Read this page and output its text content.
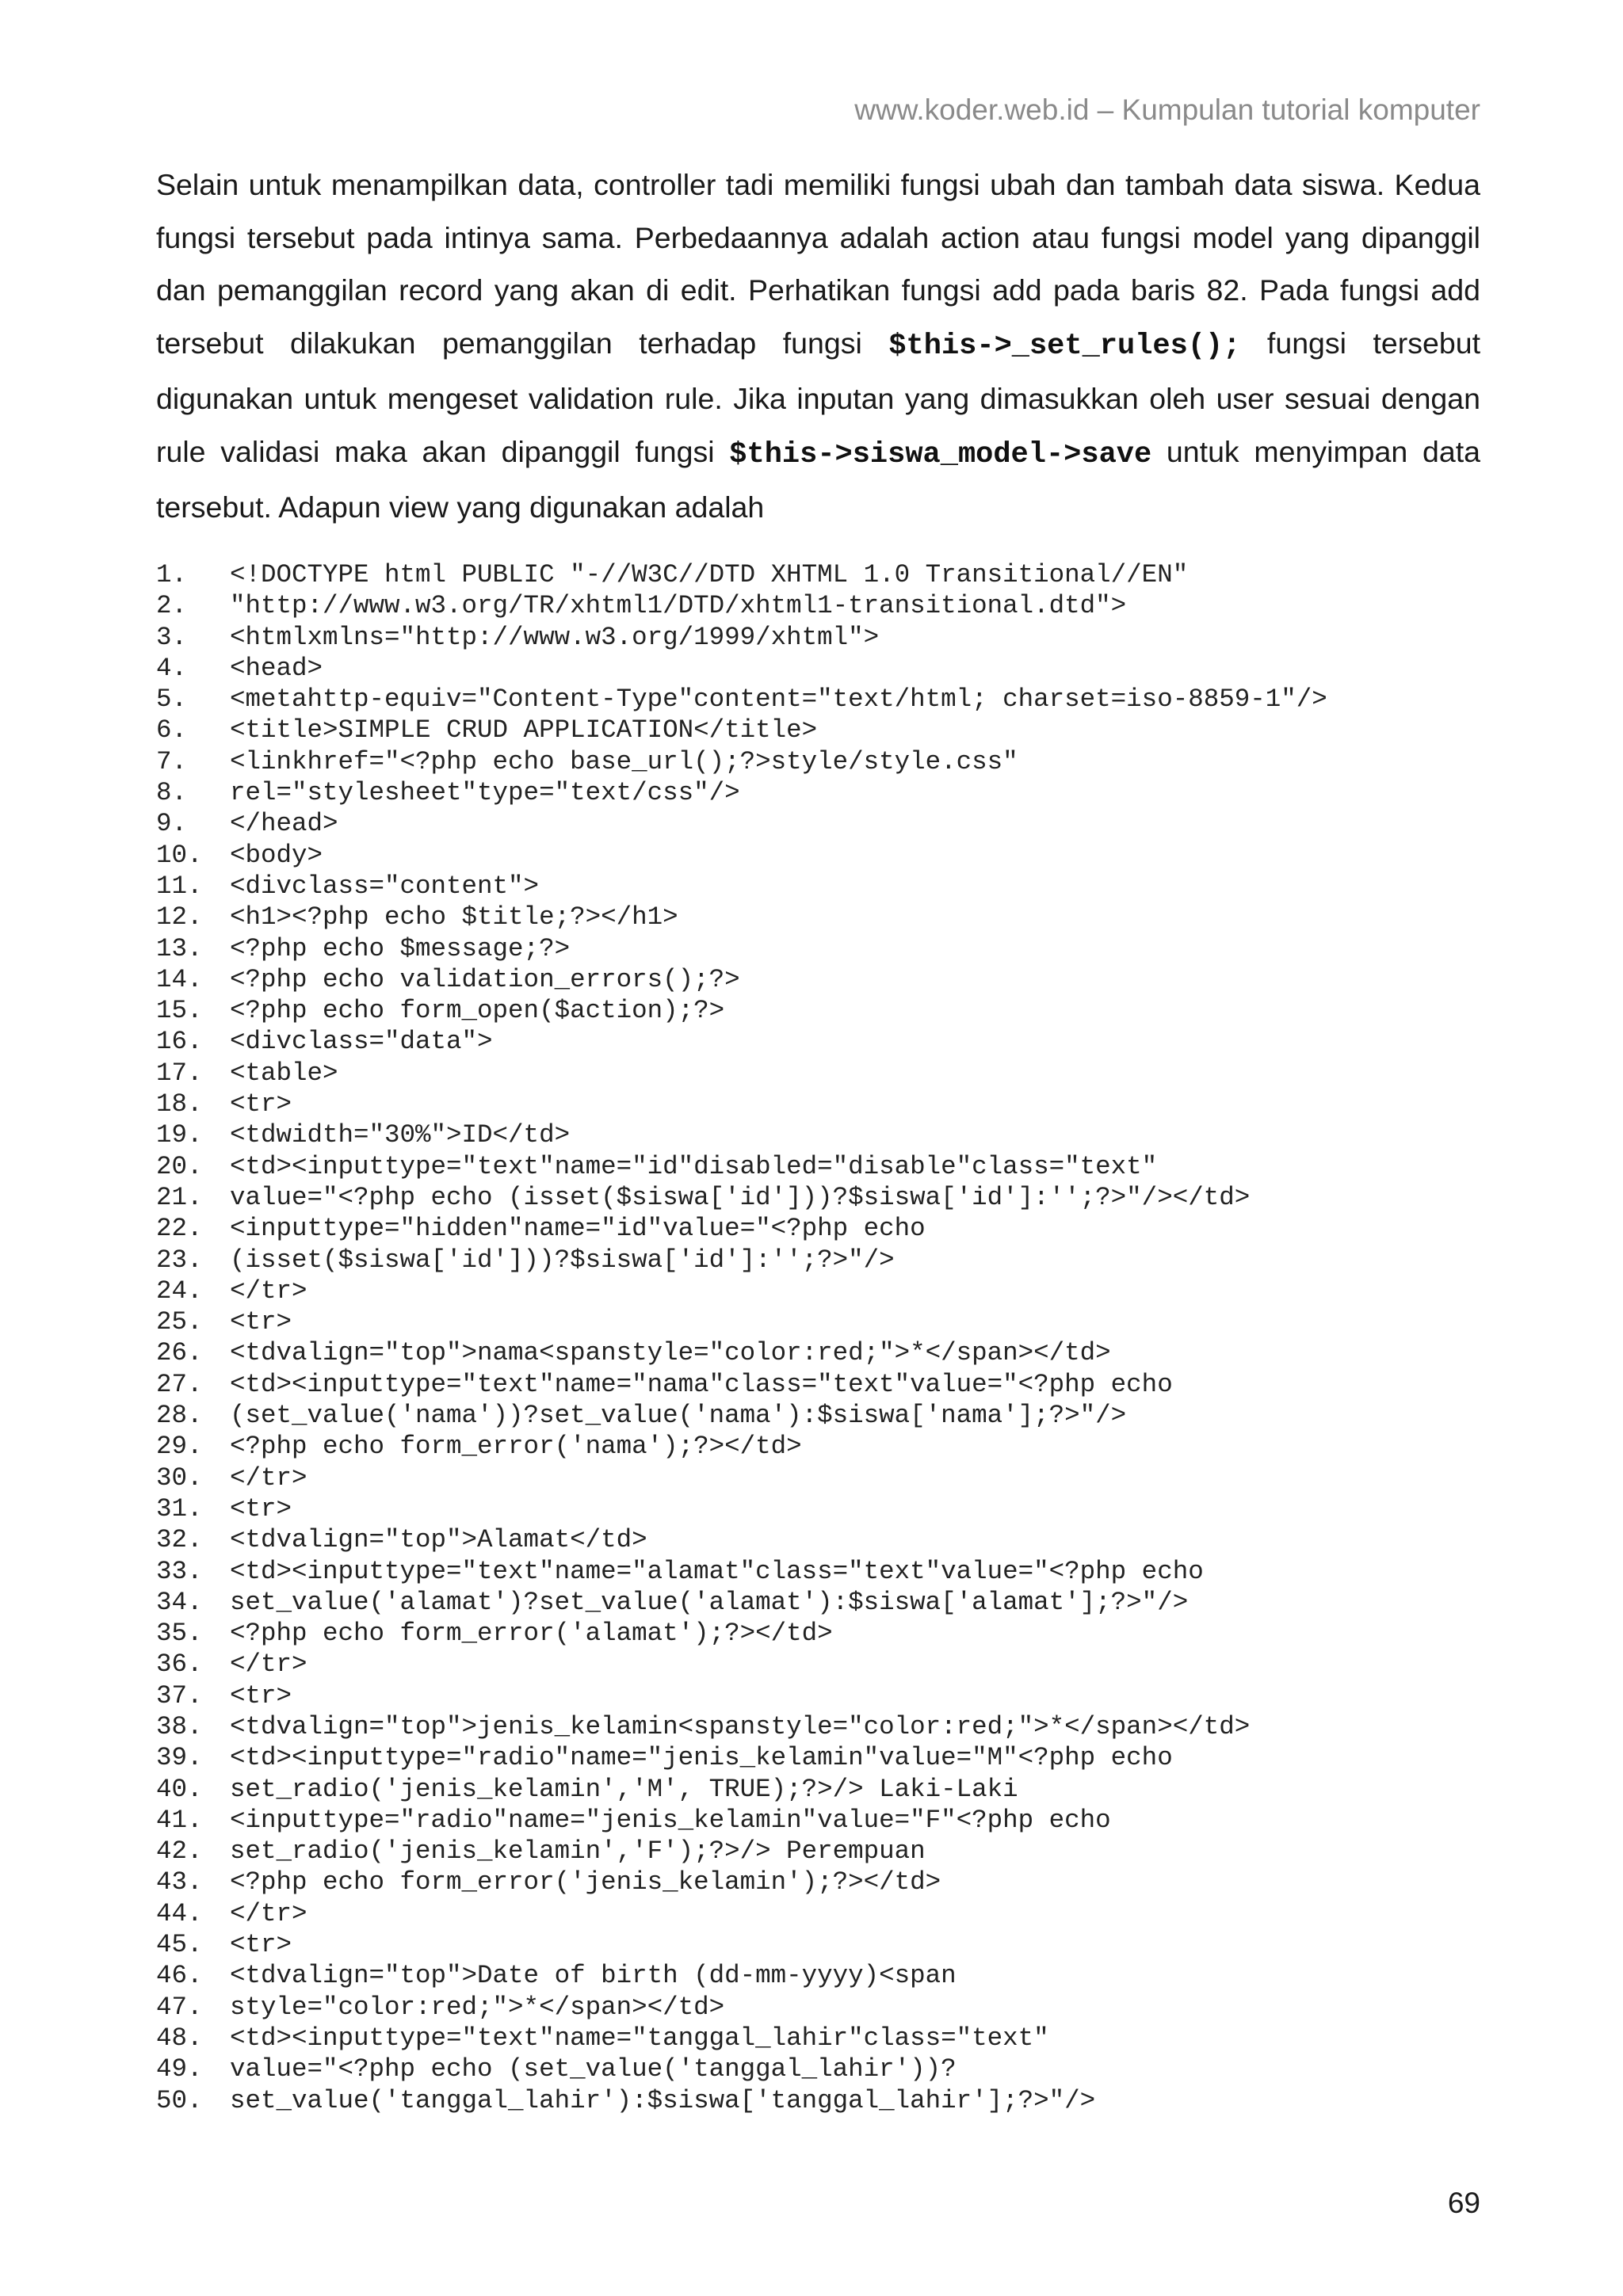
www.koder.web.id – Kumpulan tutorial komputer
Selain untuk menampilkan data, controller tadi memiliki fungsi ubah dan tambah data siswa. Kedua fungsi tersebut pada intinya sama. Perbedaannya adalah action atau fungsi model yang dipanggil dan pemanggilan record yang akan di edit. Perhatikan fungsi add pada baris 82. Pada fungsi add tersebut dilakukan pemanggilan terhadap fungsi $this->_set_rules(); fungsi tersebut digunakan untuk mengeset validation rule. Jika inputan yang dimasukkan oleh user sesuai dengan rule validasi maka akan dipanggil fungsi $this->siswa_model->save untuk menyimpan data tersebut. Adapun view yang digunakan adalah
1. <!DOCTYPE html PUBLIC "-//W3C//DTD XHTML 1.0 Transitional//EN"
2. "http://www.w3.org/TR/xhtml1/DTD/xhtml1-transitional.dtd">
3. <htmlxmlns="http://www.w3.org/1999/xhtml">
4. <head>
5. <metahttp-equiv="Content-Type"content="text/html; charset=iso-8859-1"/>
6. <title>SIMPLE CRUD APPLICATION</title>
7. <linkhref="<?php echo base_url();?>style/style.css"
8. rel="stylesheet"type="text/css"/>
9. </head>
10. <body>
11. <divclass="content">
12. <h1><?php echo $title;?></h1>
13. <?php echo $message;?>
14. <?php echo validation_errors();?>
15. <?php echo form_open($action);?>
16. <divclass="data">
17. <table>
18. <tr>
19. <tdwidth="30%">ID</td>
20. <td><inputtype="text"name="id"disabled="disable"class="text"
21. value="<?php echo (isset($siswa['id']))?$siswa['id']:'';?>"/></td>
22. <inputtype="hidden"name="id"value="<?php echo
23. (isset($siswa['id']))?$siswa['id']:'';?>"/>
24. </tr>
25. <tr>
26. <tdvalign="top">nama<spanstyle="color:red;">*</span></td>
27. <td><inputtype="text"name="nama"class="text"value="<?php echo
28. (set_value('nama'))?set_value('nama'):$siswa['nama'];?>"/>
29. <?php echo form_error('nama');?></td>
30. </tr>
31. <tr>
32. <tdvalign="top">Alamat</td>
33. <td><inputtype="text"name="alamat"class="text"value="<?php echo
34. set_value('alamat')?set_value('alamat'):$siswa['alamat'];?>"/>
35. <?php echo form_error('alamat');?></td>
36. </tr>
37. <tr>
38. <tdvalign="top">jenis_kelamin<spanstyle="color:red;">*</span></td>
39. <td><inputtype="radio"name="jenis_kelamin"value="M"<?php echo
40. set_radio('jenis_kelamin','M', TRUE);?>/> Laki-Laki
41. <inputtype="radio"name="jenis_kelamin"value="F"<?php echo
42. set_radio('jenis_kelamin','F');?>/> Perempuan
43. <?php echo form_error('jenis_kelamin');?></td>
44. </tr>
45. <tr>
46. <tdvalign="top">Date of birth (dd-mm-yyyy)<span
47. style="color:red;">*</span></td>
48. <td><inputtype="text"name="tanggal_lahir"class="text"
49. value="<?php echo (set_value('tanggal_lahir'))?
50. set_value('tanggal_lahir'):$siswa['tanggal_lahir'];?>"/>
69
